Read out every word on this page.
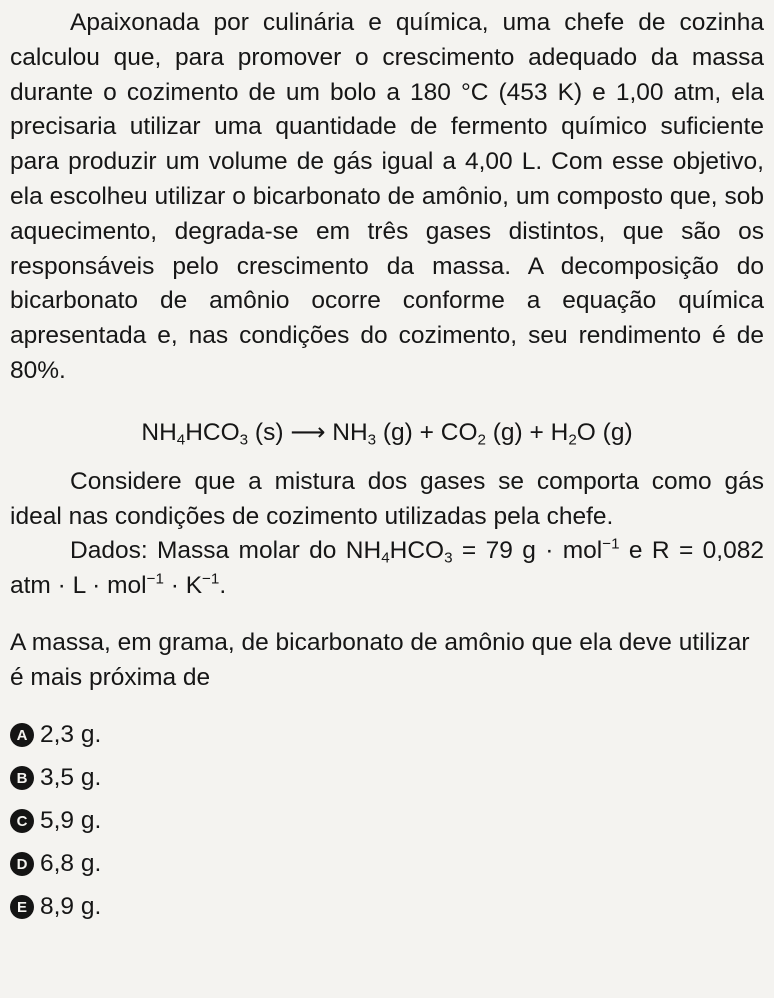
Apaixonada por culinária e química, uma chefe de cozinha calculou que, para promover o crescimento adequado da massa durante o cozimento de um bolo a 180 °C (453 K) e 1,00 atm, ela precisaria utilizar uma quantidade de fermento químico suficiente para produzir um volume de gás igual a 4,00 L. Com esse objetivo, ela escolheu utilizar o bicarbonato de amônio, um composto que, sob aquecimento, degrada-se em três gases distintos, que são os responsáveis pelo crescimento da massa. A decomposição do bicarbonato de amônio ocorre conforme a equação química apresentada e, nas condições do cozimento, seu rendimento é de 80%.

$NH_4HCO_3$ (s) ⟶ $NH_3$ $(g) + CO_2$ $(g) + H_2O$ (g)

Considere que a mistura dos gases se comporta como gás ideal nas condições de cozimento utilizadas pela chefe.

Dados: Massa molar do $NH_4HCO_3 = 79$ g · mol$^{-1}$ e R = 0,082 atm · $L \cdot mol^{-1} \cdot K^{-1}$.

A massa, em grama, de bicarbonato de amônio que ela deve utilizar é mais próxima de

A 2,3 g.
B 3,5 g.
C 5,9 g.
D 6,8 g.
E 8,9 g.
